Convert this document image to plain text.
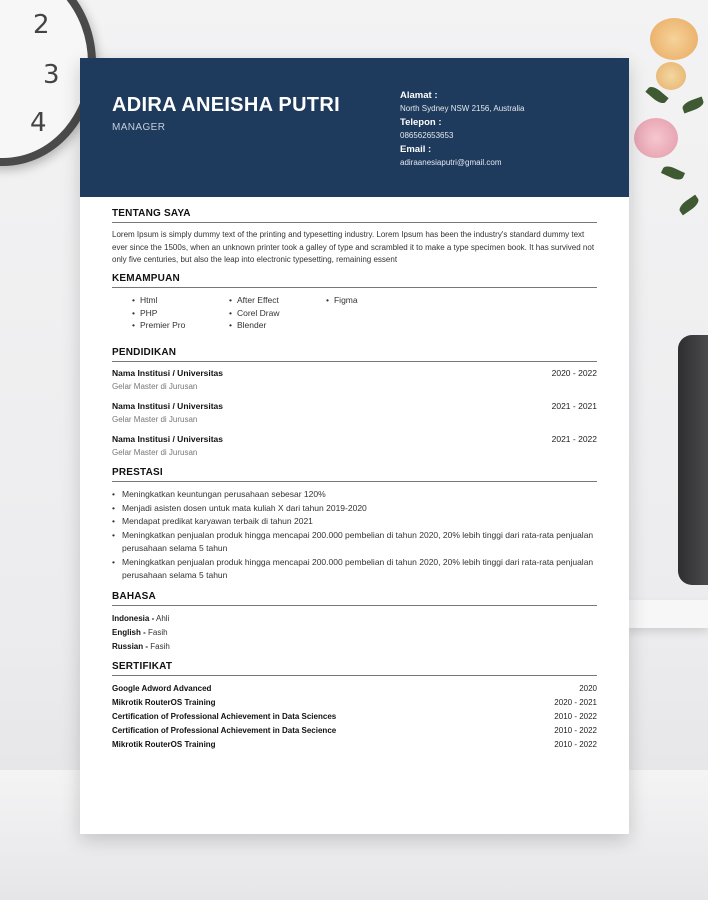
2
3
4
ADIRA ANEISHA PUTRI
MANAGER
Alamat :
North Sydney NSW 2156, Australia
Telepon :
086562653653
Email :
adiraanesiaputri@gmail.com
TENTANG SAYA
Lorem Ipsum is simply dummy text of the printing and typesetting industry. Lorem Ipsum has been the industry's standard dummy text ever since the 1500s, when an unknown printer took a galley of type and scrambled it to make a type specimen book. It has survived not only five centuries, but also the leap into electronic typesetting, remaining essent
KEMAMPUAN
• Html
• PHP
• Premier Pro
• After Effect
• Corel Draw
• Blender
• Figma
PENDIDIKAN
Nama Institusi / Universitas	2020 - 2022
Gelar Master di Jurusan
Nama Institusi / Universitas	2021 - 2021
Gelar Master di Jurusan
Nama Institusi / Universitas	2021 - 2022
Gelar Master di Jurusan
PRESTASI
• Meningkatkan keuntungan perusahaan sebesar 120%
• Menjadi asisten dosen untuk mata kuliah X dari tahun 2019-2020
• Mendapat predikat karyawan terbaik di tahun 2021
• Meningkatkan penjualan produk hingga mencapai 200.000 pembelian di tahun 2020, 20% lebih tinggi dari rata-rata penjualan perusahaan selama 5 tahun
• Meningkatkan penjualan produk hingga mencapai 200.000 pembelian di tahun 2020, 20% lebih tinggi dari rata-rata penjualan perusahaan selama 5 tahun
BAHASA
Indonesia - Ahli
English - Fasih
Russian - Fasih
SERTIFIKAT
Google Adword Advanced	2020
Mikrotik RouterOS Training	2020 - 2021
Certification of Professional Achievement in Data Sciences	2010 - 2022
Certification of Professional Achievement in Data Secience	2010 - 2022
Mikrotik RouterOS Training	2010 - 2022
